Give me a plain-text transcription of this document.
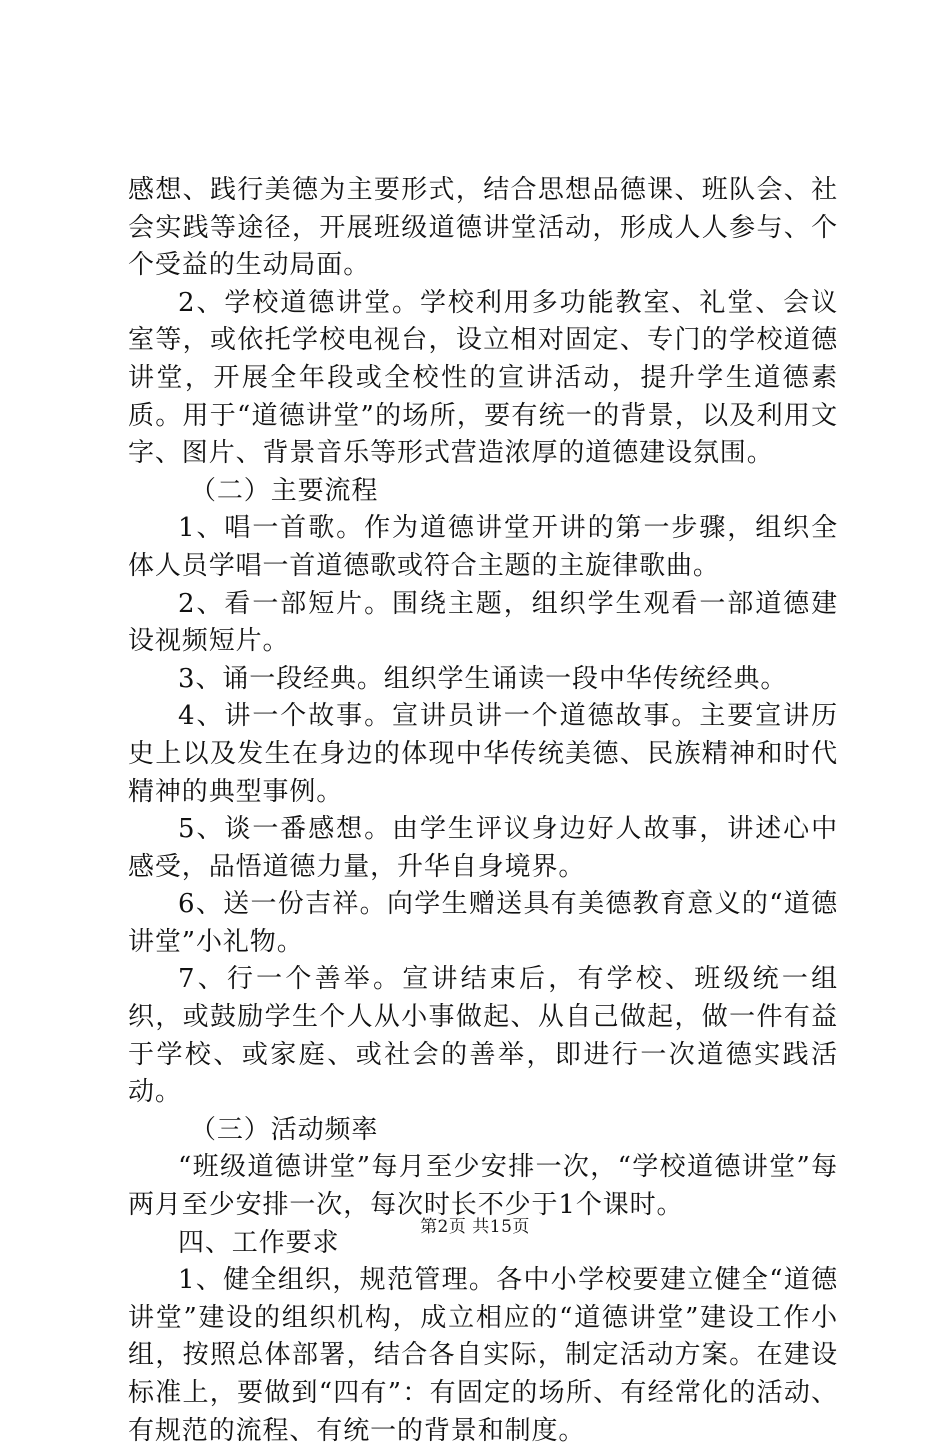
感想、践行美德为主要形式，结合思想品德课、班队会、社会实践等途径，开展班级道德讲堂活动，形成人人参与、个个受益的生动局面。

2、学校道德讲堂。学校利用多功能教室、礼堂、会议室等，或依托学校电视台，设立相对固定、专门的学校道德讲堂，开展全年段或全校性的宣讲活动，提升学生道德素质。用于“道德讲堂”的场所，要有统一的背景，以及利用文字、图片、背景音乐等形式营造浓厚的道德建设氛围。

（二）主要流程

1、唱一首歌。作为道德讲堂开讲的第一步骤，组织全体人员学唱一首道德歌或符合主题的主旋律歌曲。

2、看一部短片。围绕主题，组织学生观看一部道德建设视频短片。

3、诵一段经典。组织学生诵读一段中华传统经典。

4、讲一个故事。宣讲员讲一个道德故事。主要宣讲历史上以及发生在身边的体现中华传统美德、民族精神和时代精神的典型事例。

5、谈一番感想。由学生评议身边好人故事，讲述心中感受，品悟道德力量，升华自身境界。

6、送一份吉祥。向学生赠送具有美德教育意义的“道德讲堂”小礼物。

7、行一个善举。宣讲结束后，有学校、班级统一组织，或鼓励学生个人从小事做起、从自己做起，做一件有益于学校、或家庭、或社会的善举，即进行一次道德实践活动。

（三）活动频率

“班级道德讲堂”每月至少安排一次，“学校道德讲堂”每两月至少安排一次，每次时长不少于1个课时。

四、工作要求

1、健全组织，规范管理。各中小学校要建立健全“道德讲堂”建设的组织机构，成立相应的“道德讲堂”建设工作小组，按照总体部署，结合各自实际，制定活动方案。在建设标准上，要做到“四有”：有固定的场所、有经常化的活动、有规范的流程、有统一的背景和制度。

第2页 共15页
